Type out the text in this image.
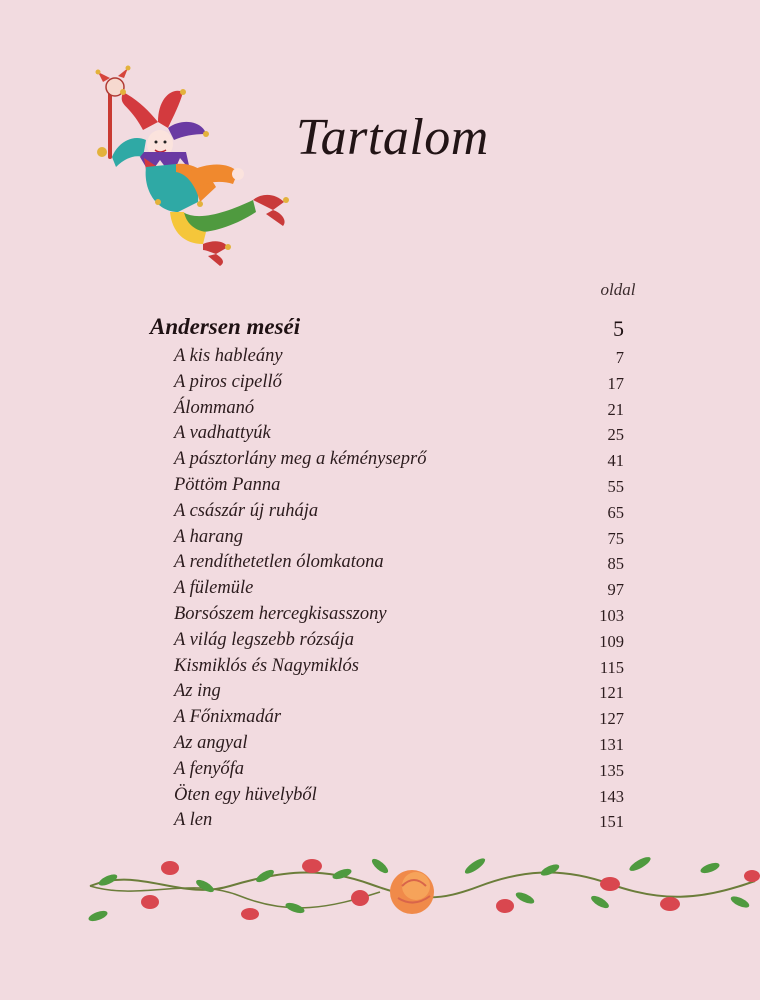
Tartalom
oldal
Andersen meséi	5
A kis hableány	7
A piros cipellő	17
Álommanó	21
A vadhattyúk	25
A pásztorlány meg a kéményseprő	41
Pöttöm Panna	55
A császár új ruhája	65
A harang	75
A rendíthetetlen ólomkatona	85
A fülemüle	97
Borsószem hercegkisasszony	103
A világ legszebb rózsája	109
Kismiklós és Nagymiklós	115
Az ing	121
A Főnixmadár	127
Az angyal	131
A fenyőfa	135
Öten egy hüvelyből	143
A len	151
